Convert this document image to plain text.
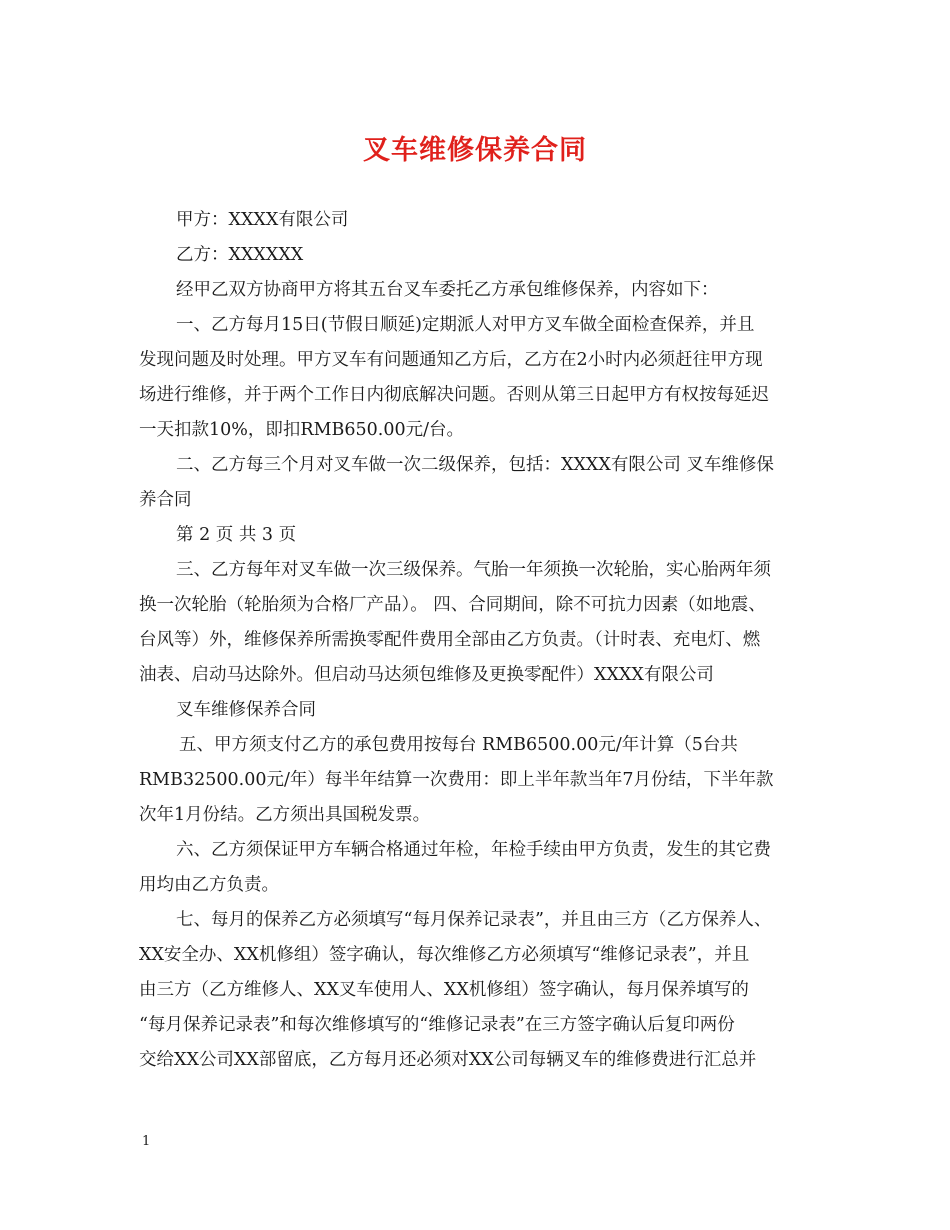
叉车维修保养合同
甲方：XXXX有限公司
乙方：XXXXXX
经甲乙双方协商甲方将其五台叉车委托乙方承包维修保养，内容如下：
一、乙方每月15日(节假日顺延)定期派人对甲方叉车做全面检查保养，并且
发现问题及时处理。甲方叉车有问题通知乙方后，乙方在2小时内必须赶往甲方现
场进行维修，并于两个工作日内彻底解决问题。否则从第三日起甲方有权按每延迟
一天扣款10%，即扣RMB650.00元/台。
二、乙方每三个月对叉车做一次二级保养，包括：XXXX有限公司 叉车维修保
养合同
第 2 页 共 3 页
三、乙方每年对叉车做一次三级保养。气胎一年须换一次轮胎，实心胎两年须
换一次轮胎（轮胎须为合格厂产品）。 四、合同期间，除不可抗力因素（如地震、
台风等）外，维修保养所需换零配件费用全部由乙方负责。（计时表、充电灯、燃
油表、启动马达除外。但启动马达须包维修及更换零配件）XXXX有限公司
叉车维修保养合同
五、甲方须支付乙方的承包费用按每台 RMB6500.00元/年计算（5台共
RMB32500.00元/年）每半年结算一次费用：即上半年款当年7月份结，下半年款
次年1月份结。乙方须出具国税发票。
六、乙方须保证甲方车辆合格通过年检，年检手续由甲方负责，发生的其它费
用均由乙方负责。
七、每月的保养乙方必须填写“每月保养记录表”，并且由三方（乙方保养人、
XX安全办、XX机修组）签字确认，每次维修乙方必须填写“维修记录表”，并且
由三方（乙方维修人、XX叉车使用人、XX机修组）签字确认，每月保养填写的
“每月保养记录表”和每次维修填写的“维修记录表”在三方签字确认后复印两份
交给XX公司XX部留底，乙方每月还必须对XX公司每辆叉车的维修费进行汇总并
1
